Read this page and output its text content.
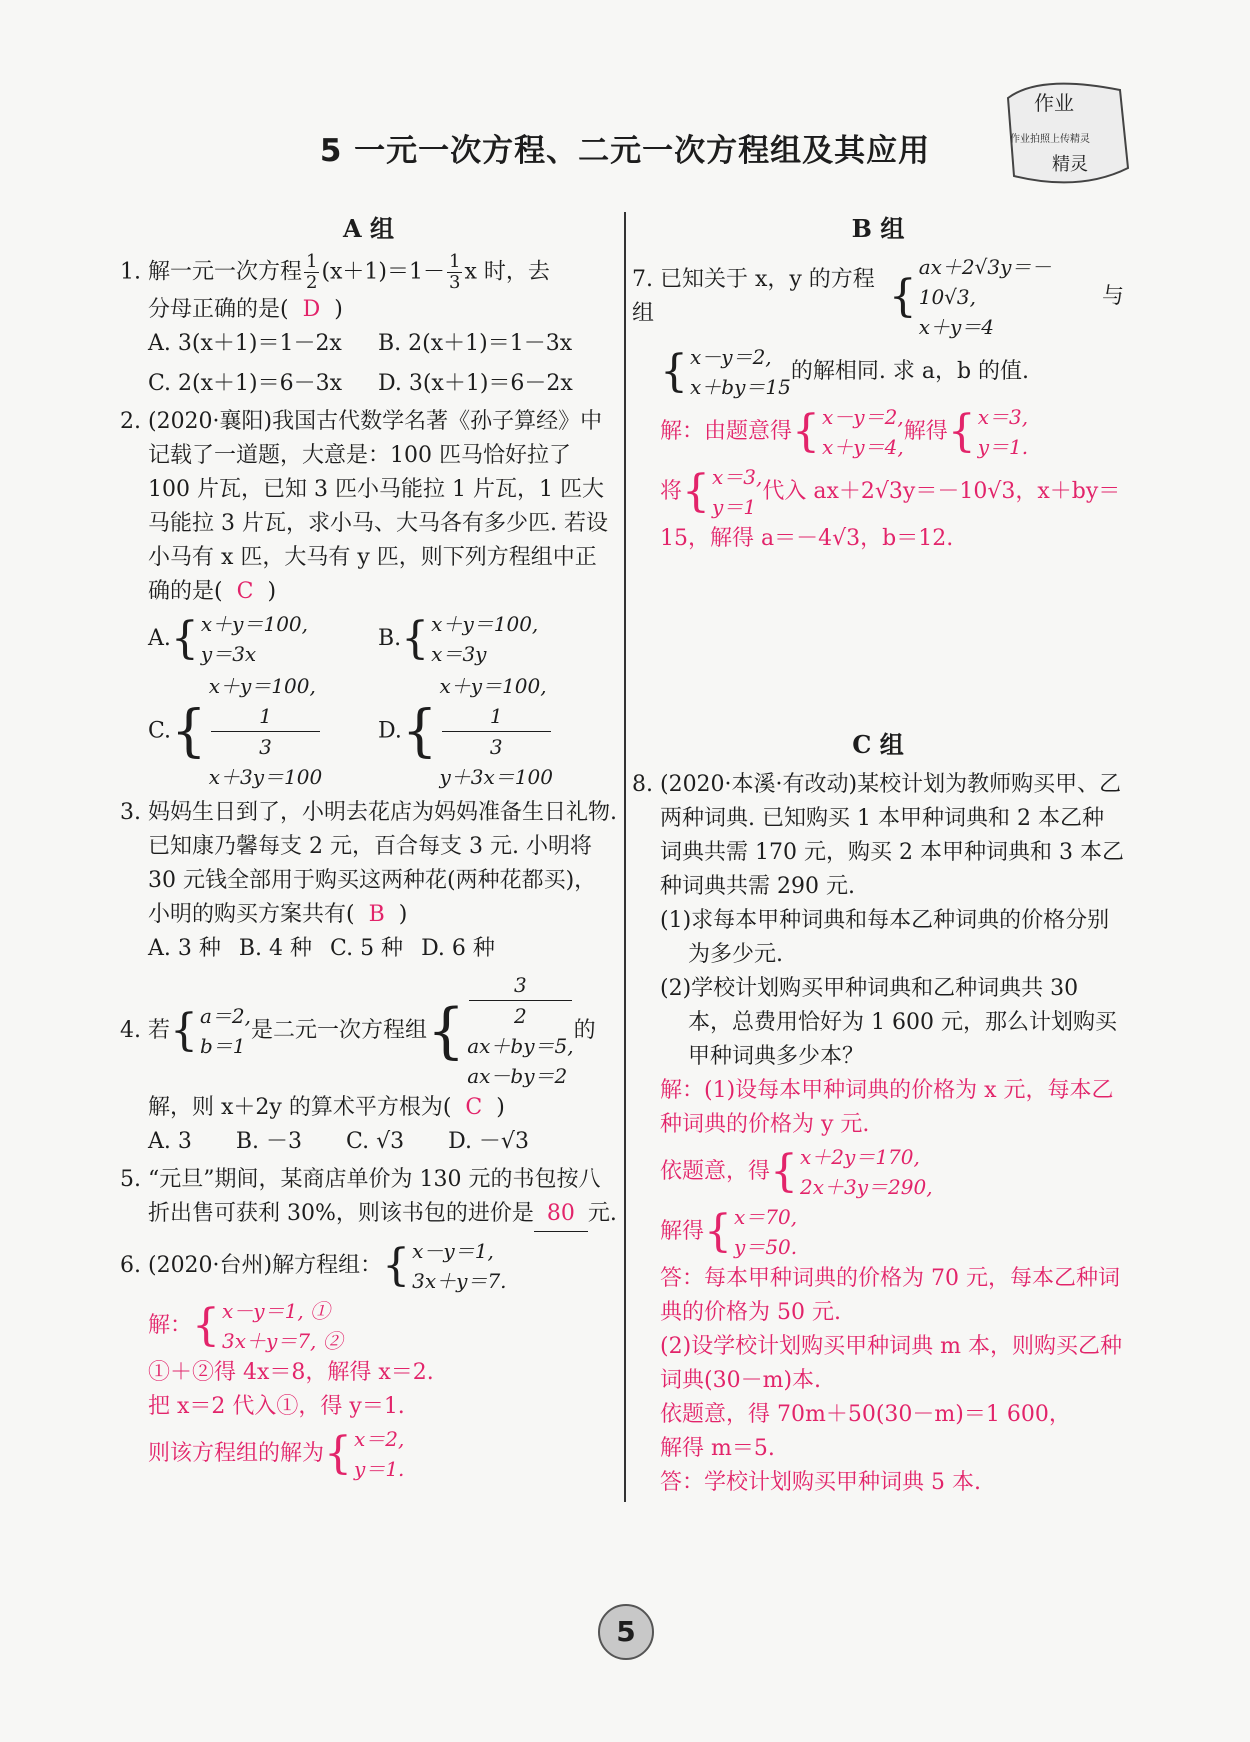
5 一元一次方程、二元一次方程组及其应用
作业
作业拍照上传精灵
精灵
A 组
1. 解一元一次方程 $\frac{1}{2} (x+1)=1- \frac{1}{3}$ x 时，去
分母正确的是( D )
A. 3(x＋1)＝1－2x	B. 2(x＋1)＝1－3x
C. 2(x＋1)＝6－3x	D. 3(x＋1)＝6－2x
2. (2020·襄阳)我国古代数学名著《孙子算经》中记载了一道题，大意是：100 匹马恰好拉了 100 片瓦，已知 3 匹小马能拉 1 片瓦，1 匹大马能拉 3 片瓦，求小马、大马各有多少匹. 若设小马有 x 匹，大马有 y 匹，则下列方程组中正确的是( C )
A. { x＋y＝100,
y＝3x
B. { x＋y＝100,
x＝3y
C. {
x＋y＝100,
1
3
x＋3y＝100
D. {
x＋y＝100,
1
3
y＋3x＝100
3. 妈妈生日到了，小明去花店为妈妈准备生日礼物. 已知康乃馨每支 2 元，百合每支 3 元. 小明将 30 元钱全部用于购买这两种花(两种花都买)，小明的购买方案共有( B )
A. 3 种 B. 4 种 C. 5 种 D. 6 种
4. 若 { a＝2,
b＝1
是二元一次方程组 {
3
2
ax＋by＝5,
ax－by＝2
的
解，则 x＋2y 的算术平方根为( C )
A. 3 B. －3 C. √3 D. －√3
5. “元旦”期间，某商店单价为 130 元的书包按八折出售可获利 30%，则该书包的进价是 80 元.
6. (2020·台州)解方程组： { x－y＝1,
3x＋y＝7.
解： { x－y＝1, ①
3x＋y＝7, ②
①＋②得 4x＝8，解得 x＝2.
把 x＝2 代入①，得 y＝1.
则该方程组的解为 { x＝2,
y＝1.
B 组
7. 已知关于 x，y 的方程组	{
ax＋2√3y＝－10√3,
x＋y＝4
与
{ x－y＝2,
x＋by＝15
的解相同. 求 a，b 的值.
解：由题意得 { x－y＝2,
x＋y＝4,
解得 { x＝3,
y＝1.
将 { x＝3,
y＝1
代入 ax＋2√3y＝－10√3，x＋by＝
15，解得 a＝－4√3，b＝12.
C 组
8. (2020·本溪·有改动)某校计划为教师购买甲、乙两种词典. 已知购买 1 本甲种词典和 2 本乙种词典共需 170 元，购买 2 本甲种词典和 3 本乙种词典共需 290 元.
(1)求每本甲种词典和每本乙种词典的价格分别为多少元.
(2)学校计划购买甲种词典和乙种词典共 30 本，总费用恰好为 1 600 元，那么计划购买甲种词典多少本？
解：(1)设每本甲种词典的价格为 x 元，每本乙种词典的价格为 y 元.
依题意，得 { x＋2y＝170,
2x＋3y＝290,
解得 { x＝70,
y＝50.
答：每本甲种词典的价格为 70 元，每本乙种词典的价格为 50 元.
(2)设学校计划购买甲种词典 m 本，则购买乙种词典(30－m)本.
依题意，得 70m＋50(30－m)＝1 600，
解得 m＝5.
答：学校计划购买甲种词典 5 本.
5
